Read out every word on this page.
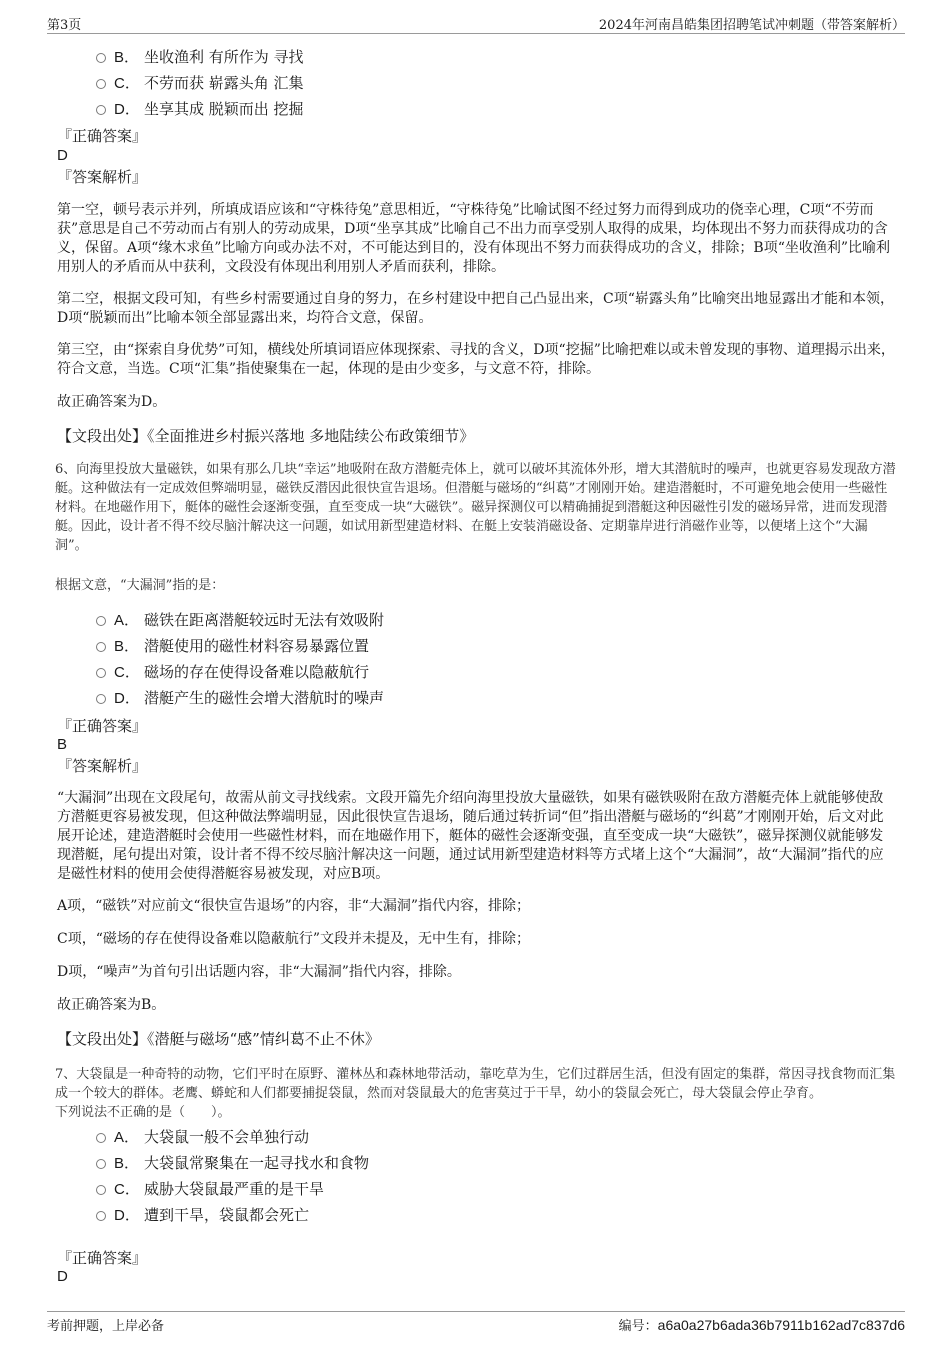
第3页	2024年河南昌皓集团招聘笔试冲刺题（带答案解析）
B． 坐收渔利 有所作为 寻找
C． 不劳而获 崭露头角 汇集
D． 坐享其成 脱颖而出 挖掘
『正确答案』
D
『答案解析』
第一空，顿号表示并列，所填成语应该和“守株待兔”意思相近，“守株待兔”比喻试图不经过努力而得到成功的侥幸心理，C项“不劳而获”意思是自己不劳动而占有别人的劳动成果，D项“坐享其成”比喻自己不出力而享受别人取得的成果，均体现出不努力而获得成功的含义，保留。A项“缘木求鱼”比喻方向或办法不对，不可能达到目的，没有体现出不努力而获得成功的含义，排除；B项“坐收渔利”比喻利用别人的矛盾而从中获利，文段没有体现出利用别人矛盾而获利，排除。
第二空，根据文段可知，有些乡村需要通过自身的努力，在乡村建设中把自己凸显出来，C项“崭露头角”比喻突出地显露出才能和本领，D项“脱颖而出”比喻本领全部显露出来，均符合文意，保留。
第三空，由“探索自身优势”可知，横线处所填词语应体现探索、寻找的含义，D项“挖掘”比喻把难以或未曾发现的事物、道理揭示出来，符合文意，当选。C项“汇集”指使聚集在一起，体现的是由少变多，与文意不符，排除。
故正确答案为D。
【文段出处】《全面推进乡村振兴落地 多地陆续公布政策细节》
6、向海里投放大量磁铁，如果有那么几块“幸运”地吸附在敌方潜艇壳体上，就可以破坏其流体外形，增大其潜航时的噪声，也就更容易发现敌方潜艇。这种做法有一定成效但弊端明显，磁铁反潜因此很快宣告退场。但潜艇与磁场的“纠葛”才刚刚开始。建造潜艇时，不可避免地会使用一些磁性材料。在地磁作用下，艇体的磁性会逐渐变强，直至变成一块“大磁铁”。磁异探测仪可以精确捕捉到潜艇这种因磁性引发的磁场异常，进而发现潜艇。因此，设计者不得不绞尽脑汁解决这一问题，如试用新型建造材料、在艇上安装消磁设备、定期靠岸进行消磁作业等，以便堵上这个“大漏洞”。
根据文意，“大漏洞”指的是：
A． 磁铁在距离潜艇较远时无法有效吸附
B． 潜艇使用的磁性材料容易暴露位置
C． 磁场的存在使得设备难以隐蔽航行
D． 潜艇产生的磁性会增大潜航时的噪声
『正确答案』
B
『答案解析』
“大漏洞”出现在文段尾句，故需从前文寻找线索。文段开篇先介绍向海里投放大量磁铁，如果有磁铁吸附在敌方潜艇壳体上就能够使敌方潜艇更容易被发现，但这种做法弊端明显，因此很快宣告退场，随后通过转折词“但”指出潜艇与磁场的“纠葛”才刚刚开始，后文对此展开论述，建造潜艇时会使用一些磁性材料，而在地磁作用下，艇体的磁性会逐渐变强，直至变成一块“大磁铁”，磁异探测仪就能够发现潜艇，尾句提出对策，设计者不得不绞尽脑汁解决这一问题，通过试用新型建造材料等方式堵上这个“大漏洞”，故“大漏洞”指代的应是磁性材料的使用会使得潜艇容易被发现，对应B项。
A项，“磁铁”对应前文“很快宣告退场”的内容，非“大漏洞”指代内容，排除；
C项，“磁场的存在使得设备难以隐蔽航行”文段并未提及，无中生有，排除；
D项，“噪声”为首句引出话题内容，非“大漏洞”指代内容，排除。
故正确答案为B。
【文段出处】《潜艇与磁场“感”情纠葛不止不休》
7、大袋鼠是一种奇特的动物，它们平时在原野、灌林丛和森林地带活动，靠吃草为生，它们过群居生活，但没有固定的集群，常因寻找食物而汇集成一个较大的群体。老鹰、蟒蛇和人们都要捕捉袋鼠，然而对袋鼠最大的危害莫过于干旱，幼小的袋鼠会死亡，母大袋鼠会停止孕育。
下列说法不正确的是（　　）。
A． 大袋鼠一般不会单独行动
B． 大袋鼠常聚集在一起寻找水和食物
C． 威胁大袋鼠最严重的是干旱
D． 遭到干旱，袋鼠都会死亡
『正确答案』
D
考前押题，上岸必备	编号：a6a0a27b6ada36b7911b162ad7c837d6
